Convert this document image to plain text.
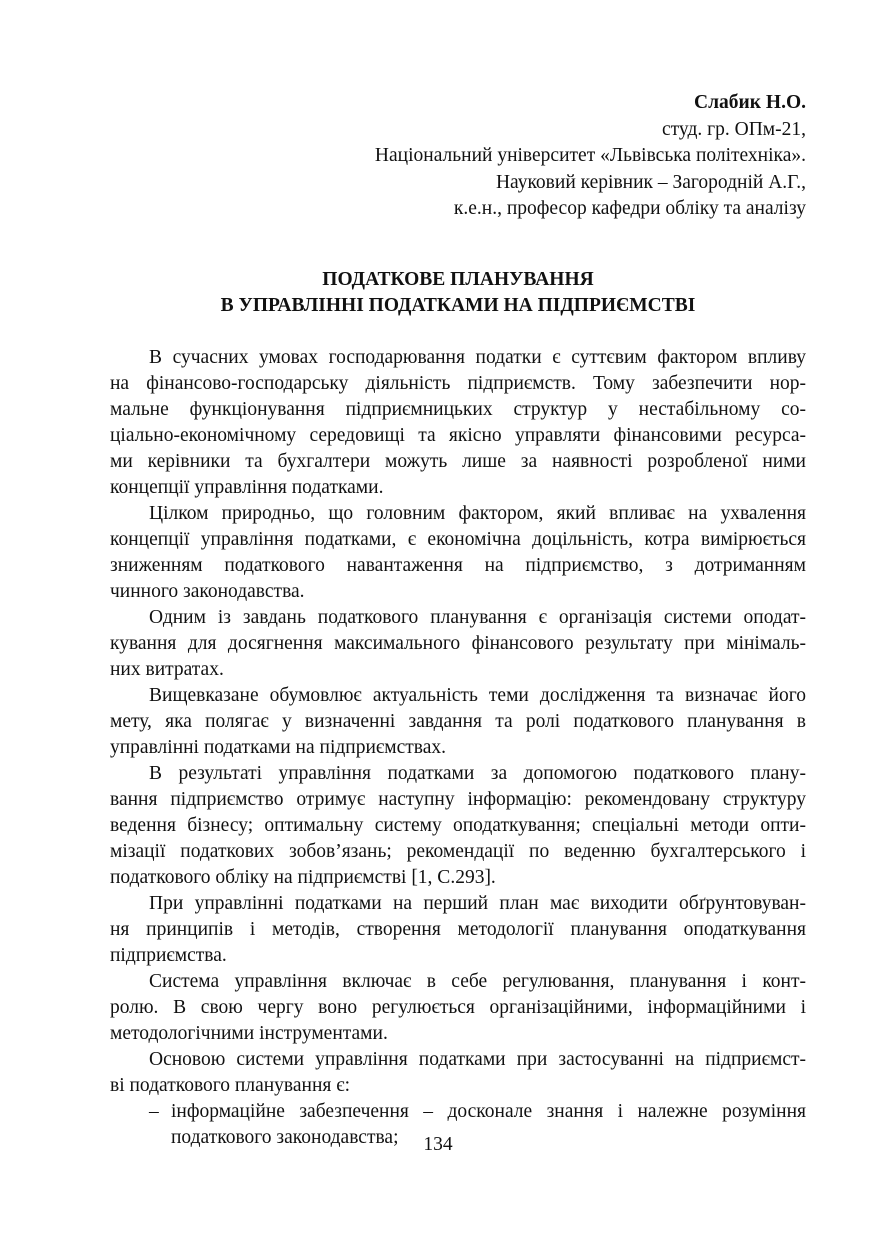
Слабик Н.О.
студ. гр. ОПм-21,
Національний університет «Львівська політехніка».
Науковий керівник – Загородній А.Г.,
к.е.н., професор кафедри обліку та аналізу
ПОДАТКОВЕ ПЛАНУВАННЯ
В УПРАВЛІННІ ПОДАТКАМИ НА ПІДПРИЄМСТВІ
В сучасних умовах господарювання податки є суттєвим фактором впливу
на фінансово-господарську діяльність підприємств. Тому забезпечити нор-
мальне функціонування підприємницьких структур у нестабільному со-
ціально-економічному середовищі та якісно управляти фінансовими ресурса-
ми керівники та бухгалтери можуть лише за наявності розробленої ними
концепції управління податками.
Цілком природньо, що головним фактором, який впливає на ухвалення
концепції управління податками, є економічна доцільність, котра вимірюється
зниженням податкового навантаження на підприємство, з дотриманням
чинного законодавства.
Одним із завдань податкового планування є організація системи оподат-
кування для досягнення максимального фінансового результату при мінімаль-
них витратах.
Вищевказане обумовлює актуальність теми дослідження та визначає його
мету, яка полягає у визначенні завдання та ролі податкового планування в
управлінні податками на підприємствах.
В результаті управління податками за допомогою податкового плану-
вання підприємство отримує наступну інформацію: рекомендовану структуру
ведення бізнесу; оптимальну систему оподаткування; спеціальні методи опти-
мізації податкових зобов’язань; рекомендації по веденню бухгалтерського і
податкового обліку на підприємстві [1, С.293].
При управлінні податками на перший план має виходити обґрунтовуван-
ня принципів і методів, створення методології планування оподаткування
підприємства.
Система управління включає в себе регулювання, планування і конт-
ролю. В свою чергу воно регулюється організаційними, інформаційними і
методологічними інструментами.
Основою системи управління податками при застосуванні на підприємст-
ві податкового планування є:
– інформаційне забезпечення – досконале знання і належне розуміння
податкового законодавства;	134
